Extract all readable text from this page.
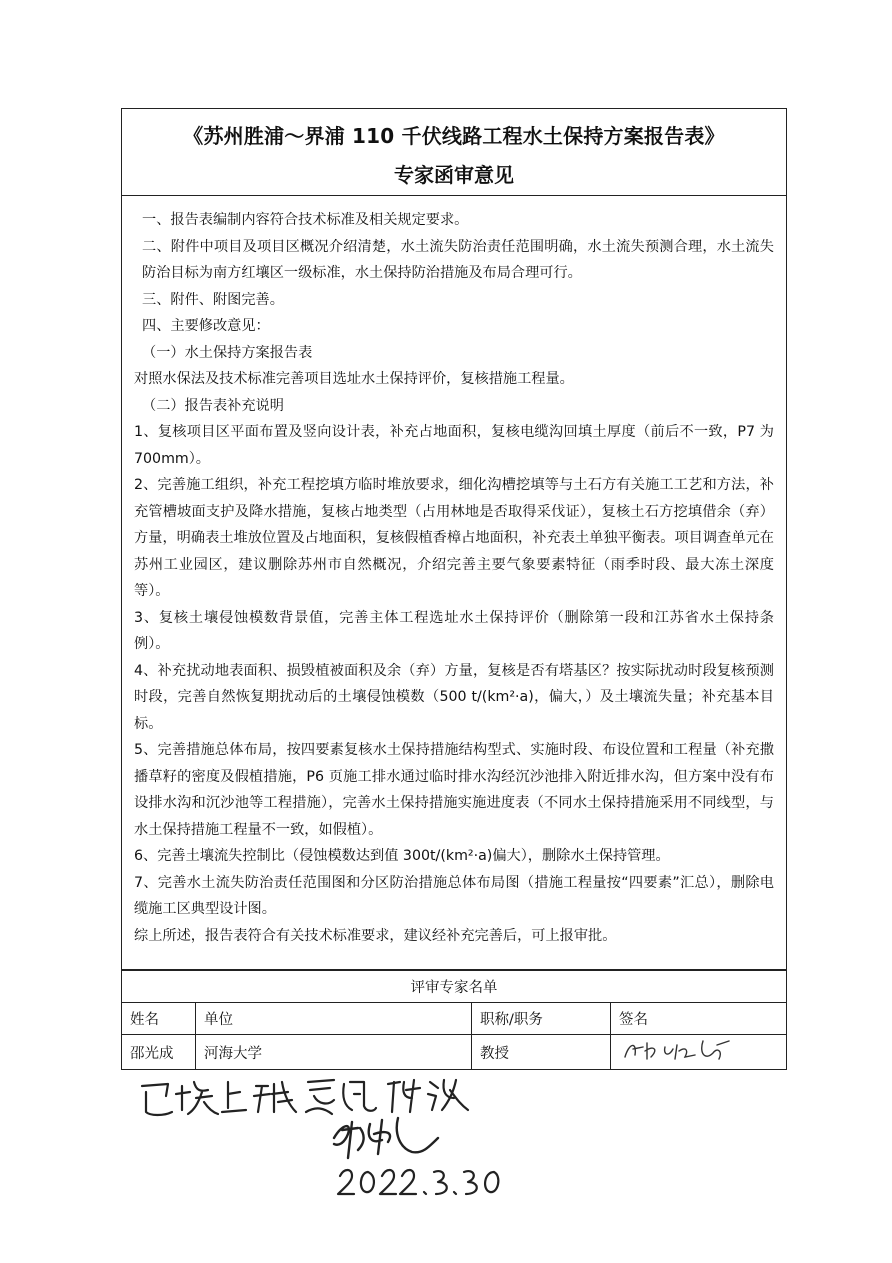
《苏州胜浦～界浦 110 千伏线路工程水土保持方案报告表》
专家函审意见

一、报告表编制内容符合技术标准及相关规定要求。

二、附件中项目及项目区概况介绍清楚，水土流失防治责任范围明确，水土流失预测合理，水土流失防治目标为南方红壤区一级标准，水土保持防治措施及布局合理可行。

三、附件、附图完善。

四、主要修改意见：

（一）水土保持方案报告表

对照水保法及技术标准完善项目选址水土保持评价，复核措施工程量。

（二）报告表补充说明

1、复核项目区平面布置及竖向设计表，补充占地面积，复核电缆沟回填土厚度（前后不一致，P7 为 700mm）。

2、完善施工组织，补充工程挖填方临时堆放要求，细化沟槽挖填等与土石方有关施工工艺和方法，补充管槽坡面支护及降水措施，复核占地类型（占用林地是否取得采伐证），复核土石方挖填借余（弃）方量，明确表土堆放位置及占地面积，复核假植香樟占地面积，补充表土单独平衡表。项目调查单元在苏州工业园区，建议删除苏州市自然概况，介绍完善主要气象要素特征（雨季时段、最大冻土深度等）。

3、复核土壤侵蚀模数背景值，完善主体工程选址水土保持评价（删除第一段和江苏省水土保持条例）。

4、补充扰动地表面积、损毁植被面积及余（弃）方量，复核是否有塔基区？按实际扰动时段复核预测时段，完善自然恢复期扰动后的土壤侵蚀模数（500 t/(km²·a)，偏大，）及土壤流失量；补充基本目标。

5、完善措施总体布局，按四要素复核水土保持措施结构型式、实施时段、布设位置和工程量（补充撒播草籽的密度及假植措施，P6 页施工排水通过临时排水沟经沉沙池排入附近排水沟，但方案中没有布设排水沟和沉沙池等工程措施），完善水土保持措施实施进度表（不同水土保持措施采用不同线型，与水土保持措施工程量不一致，如假植）。

6、完善土壤流失控制比（侵蚀模数达到值 300t/(km²·a)偏大），删除水土保持管理。

7、完善水土流失防治责任范围图和分区防治措施总体布局图（措施工程量按“四要素”汇总），删除电缆施工区典型设计图。

综上所述，报告表符合有关技术标准要求，建议经补充完善后，可上报审批。

评审专家名单			
姓名	单位	职称/职务	签名
邵光成	河海大学	教授	
